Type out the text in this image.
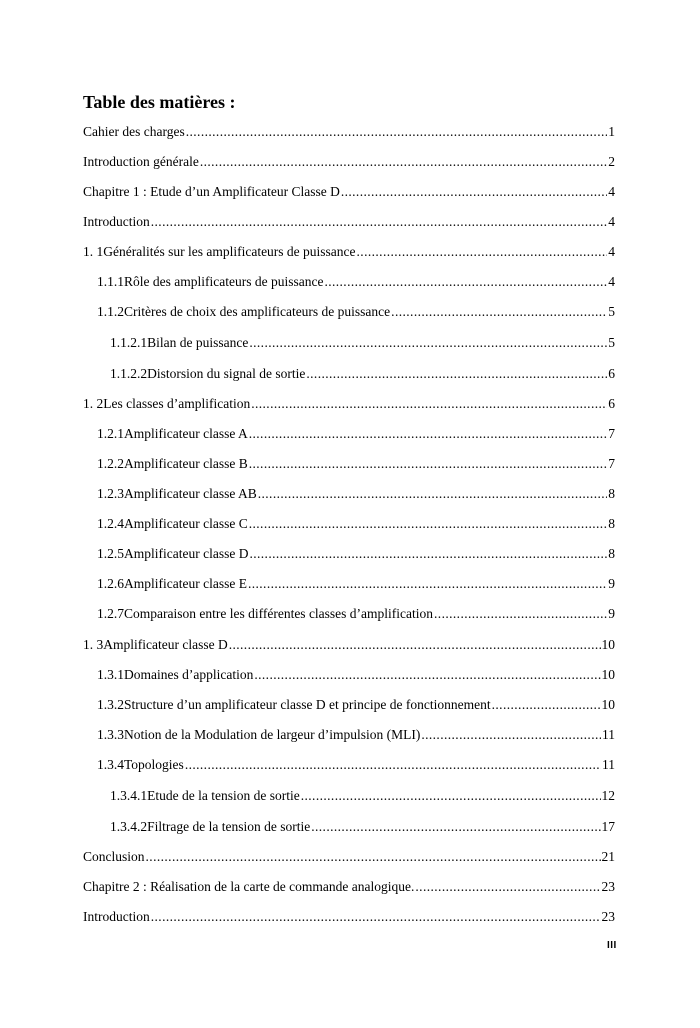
Table des matières :
Cahier des charges .....	1
Introduction générale .....	2
Chapitre 1 : Etude d’un Amplificateur Classe D .....	4
Introduction .....	4
1. 1 Généralités sur les amplificateurs de puissance .....	4
1.1.1 Rôle des amplificateurs de puissance .....	4
1.1.2 Critères de choix des amplificateurs de puissance .....	5
1.1.2.1 Bilan de puissance .....	5
1.1.2.2 Distorsion du signal de sortie .....	6
1. 2 Les classes d’amplification .....	6
1.2.1 Amplificateur classe A .....	7
1.2.2 Amplificateur classe B .....	7
1.2.3 Amplificateur classe AB .....	8
1.2.4 Amplificateur classe C .....	8
1.2.5 Amplificateur classe D .....	8
1.2.6 Amplificateur classe E .....	9
1.2.7 Comparaison entre les différentes classes d’amplification .....	9
1. 3 Amplificateur classe D .....	10
1.3.1 Domaines d’application .....	10
1.3.2 Structure d’un amplificateur classe D et principe de fonctionnement .....	10
1.3.3 Notion de la Modulation de largeur d’impulsion (MLI) .....	11
1.3.4 Topologies .....	11
1.3.4.1 Etude de la tension de sortie .....	12
1.3.4.2 Filtrage de la tension de sortie .....	17
Conclusion .....	21
Chapitre 2 : Réalisation de la carte de commande analogique. .....	23
Introduction .....	23
III
